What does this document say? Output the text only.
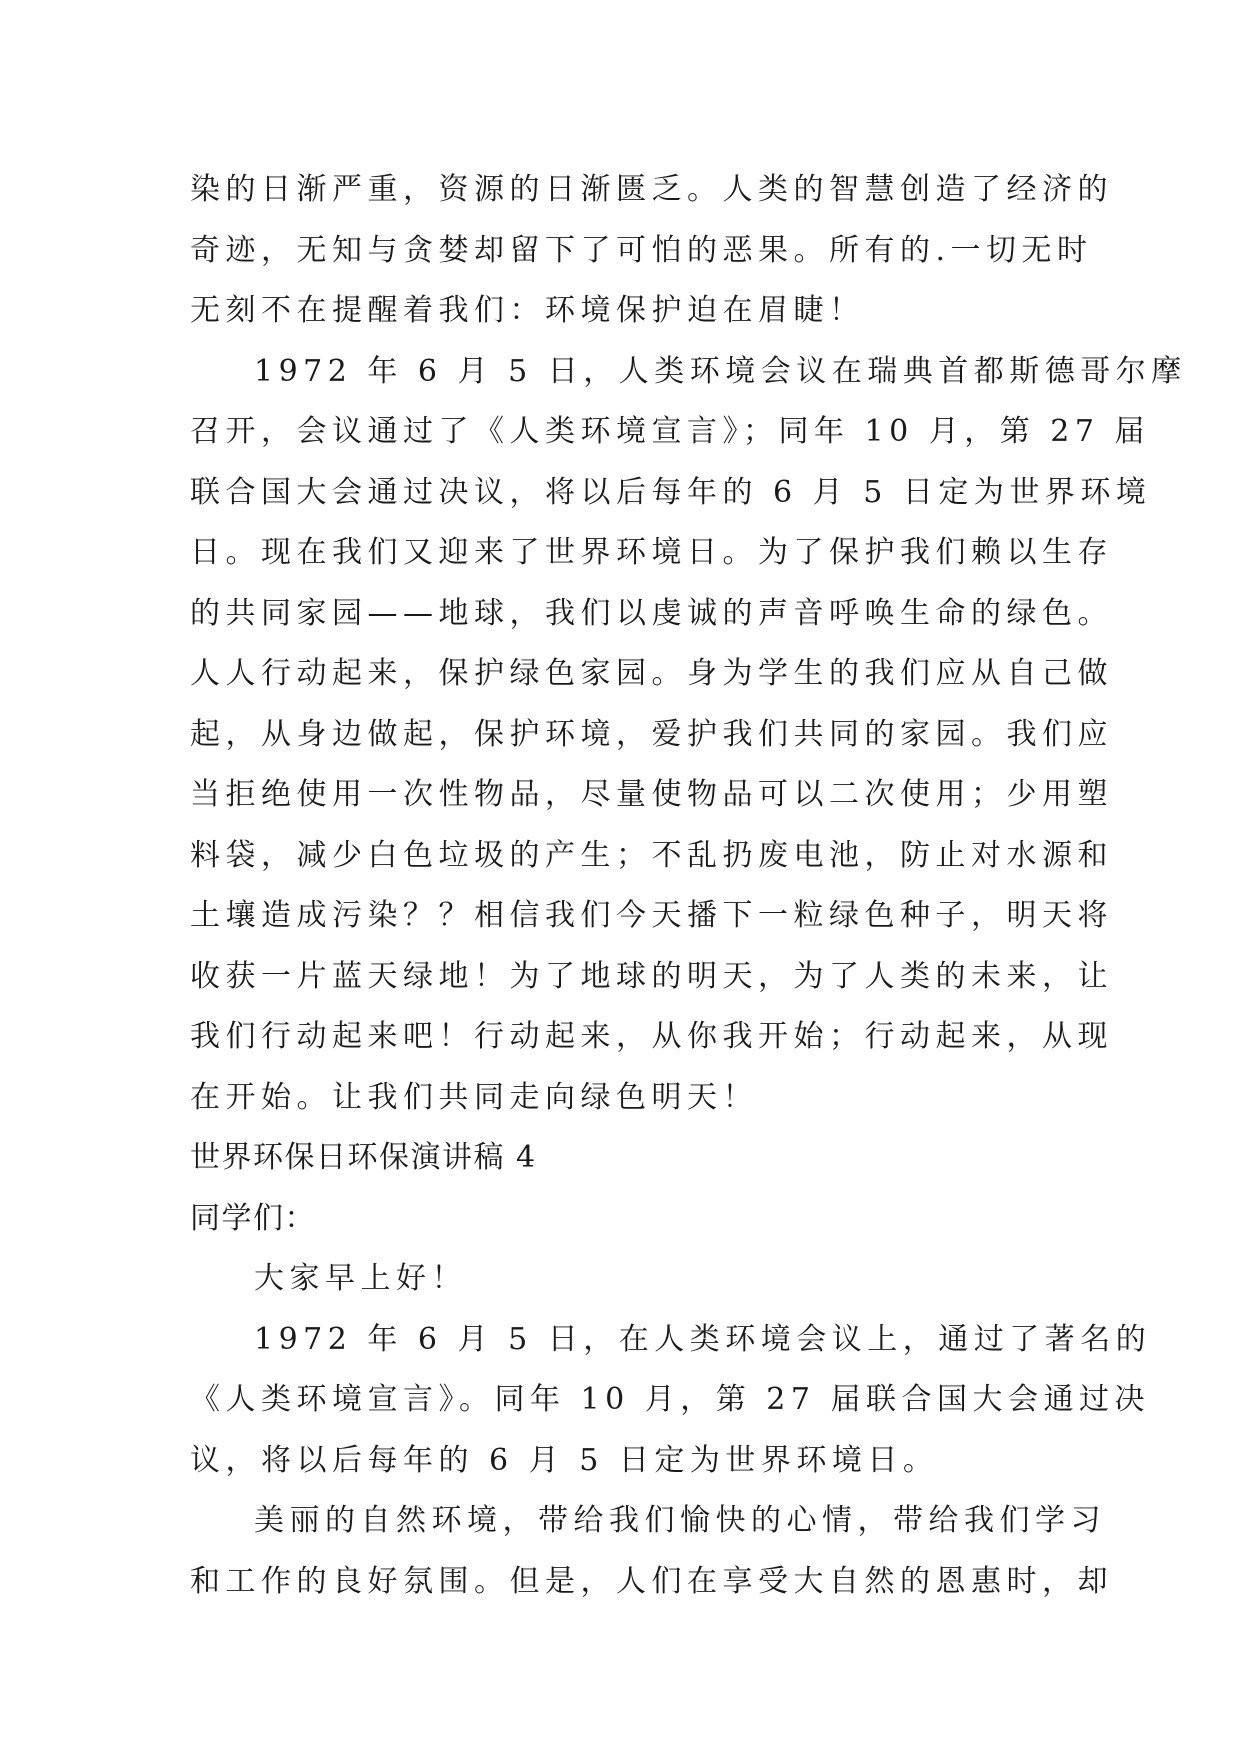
染的日渐严重，资源的日渐匮乏。人类的智慧创造了经济的
奇迹，无知与贪婪却留下了可怕的恶果。所有的.一切无时
无刻不在提醒着我们：环境保护迫在眉睫！
1972 年 6 月 5 日，人类环境会议在瑞典首都斯德哥尔摩
召开，会议通过了《人类环境宣言》；同年 10 月，第 27 届
联合国大会通过决议，将以后每年的 6 月 5 日定为世界环境
日。现在我们又迎来了世界环境日。为了保护我们赖以生存
的共同家园——地球，我们以虔诚的声音呼唤生命的绿色。
人人行动起来，保护绿色家园。身为学生的我们应从自己做
起，从身边做起，保护环境，爱护我们共同的家园。我们应
当拒绝使用一次性物品，尽量使物品可以二次使用；少用塑
料袋，减少白色垃圾的产生；不乱扔废电池，防止对水源和
土壤造成污染？？相信我们今天播下一粒绿色种子，明天将
收获一片蓝天绿地！为了地球的明天，为了人类的未来，让
我们行动起来吧！行动起来，从你我开始；行动起来，从现
在开始。让我们共同走向绿色明天！
世界环保日环保演讲稿 4
同学们：
大家早上好！
1972 年 6 月 5 日，在人类环境会议上，通过了著名的
《人类环境宣言》。同年 10 月，第 27 届联合国大会通过决
议，将以后每年的 6 月 5 日定为世界环境日。
美丽的自然环境，带给我们愉快的心情，带给我们学习
和工作的良好氛围。但是，人们在享受大自然的恩惠时，却
